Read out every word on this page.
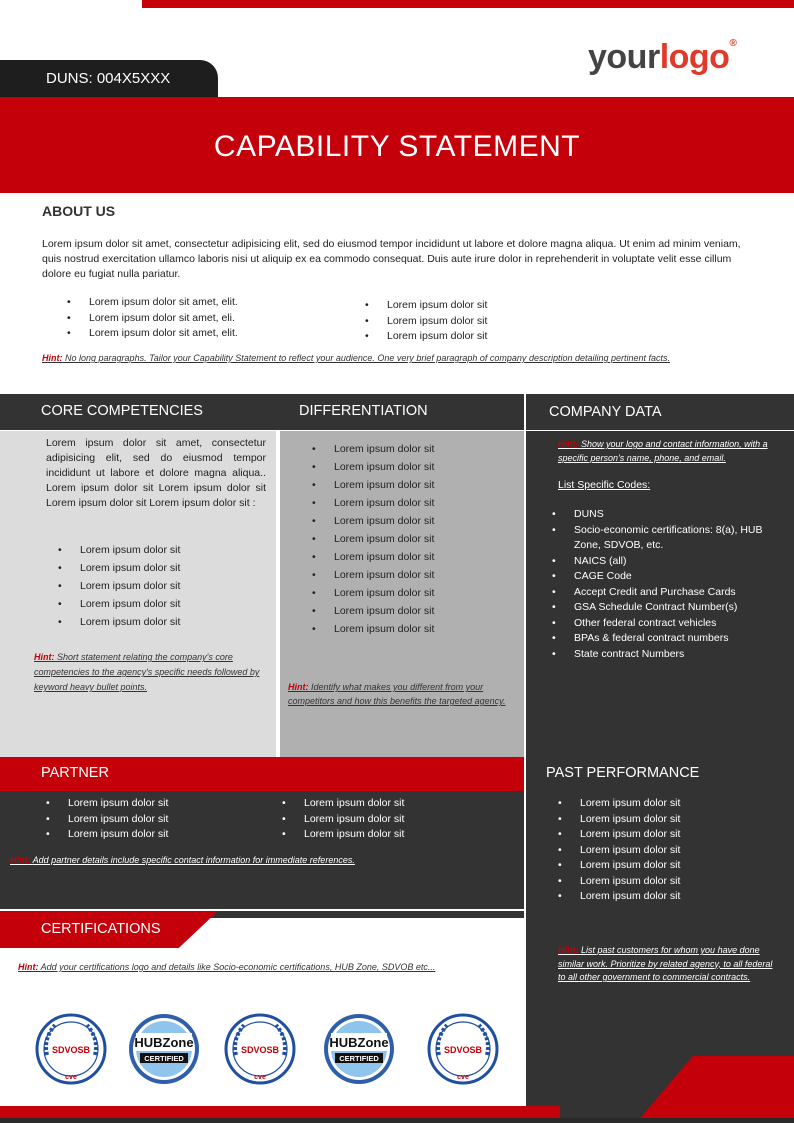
DUNS: 004X5XXX
yourlogo®
CAPABILITY STATEMENT
ABOUT US

Lorem ipsum dolor sit amet, consectetur adipisicing elit, sed do eiusmod tempor incididunt ut labore et dolore magna aliqua. Ut enim ad minim veniam, quis nostrud exercitation ullamco laboris nisi ut aliquip ex ea commodo consequat. Duis aute irure dolor in reprehenderit in voluptate velit esse cillum dolore eu fugiat nulla pariatur.

• Lorem ipsum dolor sit amet, elit.
• Lorem ipsum dolor sit amet, eli.
• Lorem ipsum dolor sit amet, elit.
• Lorem ipsum dolor sit
• Lorem ipsum dolor sit
• Lorem ipsum dolor sit
Hint: No long paragraphs. Tailor your Capability Statement to reflect your audience. One very brief paragraph of company description detailing pertinent facts.
CORE COMPETENCIES	DIFFERENTIATION	COMPANY DATA

Lorem ipsum dolor sit amet, consectetur adipisicing elit, sed do eiusmod tempor incididunt ut labore et dolore magna aliqua.. Lorem ipsum dolor sit Lorem ipsum dolor sit Lorem ipsum dolor sit Lorem ipsum dolor sit :

• Lorem ipsum dolor sit
• Lorem ipsum dolor sit
• Lorem ipsum dolor sit
• Lorem ipsum dolor sit
• Lorem ipsum dolor sit
Hint: Short statement relating the company's core competencies to the agency's specific needs followed by keyword heavy bullet points.
• Lorem ipsum dolor sit
• Lorem ipsum dolor sit
• Lorem ipsum dolor sit
• Lorem ipsum dolor sit
• Lorem ipsum dolor sit
• Lorem ipsum dolor sit
• Lorem ipsum dolor sit
• Lorem ipsum dolor sit
• Lorem ipsum dolor sit
• Lorem ipsum dolor sit
• Lorem ipsum dolor sit
Hint: Identify what makes you different from your competitors and how this benefits the targeted agency.
Hint: Show your logo and contact information, with a specific person's name, phone, and email.
List Specific Codes:
• DUNS
• Socio-economic certifications: 8(a), HUB Zone, SDVOB, etc.
• NAICS (all)
• CAGE Code
• Accept Credit and Purchase Cards
• GSA Schedule Contract Number(s)
• Other federal contract vehicles
• BPAs & federal contract numbers
• State contract Numbers
PARTNER
• Lorem ipsum dolor sit
• Lorem ipsum dolor sit
• Lorem ipsum dolor sit
• Lorem ipsum dolor sit
• Lorem ipsum dolor sit
• Lorem ipsum dolor sit
Hint: Add partner details include specific contact information for immediate references.
PAST PERFORMANCE
• Lorem ipsum dolor sit
• Lorem ipsum dolor sit
• Lorem ipsum dolor sit
• Lorem ipsum dolor sit
• Lorem ipsum dolor sit
• Lorem ipsum dolor sit
• Lorem ipsum dolor sit
Hint: List past customers for whom you have done similar work. Prioritize by related agency, to all federal to all other government to commercial contracts.
CERTIFICATIONS
Hint: Add your certifications logo and details like Socio-economic certifications, HUB Zone, SDVOB etc...
SDVOSB
cve
HUBZone
CERTIFIED
SDVOSB
cve
HUBZone
CERTIFIED
SDVOSB
cve
